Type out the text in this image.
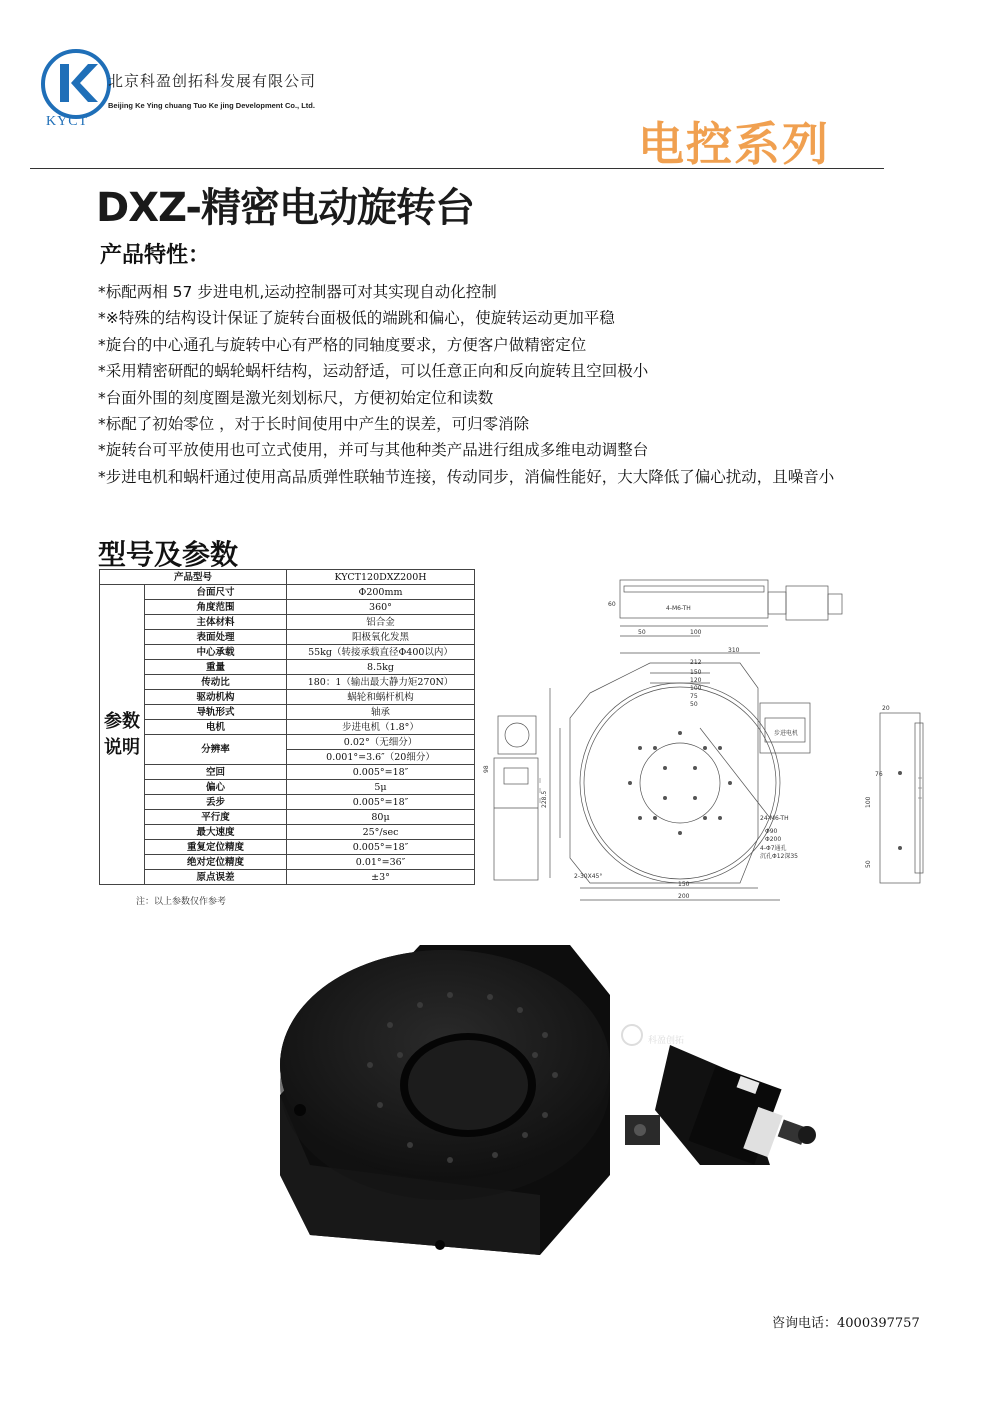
北京科盈创拓科发展有限公司
Beijing Ke Ying chuang Tuo Ke jing Development Co., Ltd.
KYCT	电控系列
DXZ-精密电动旋转台
产品特性：
*标配两相 57 步进电机,运动控制器可对其实现自动化控制
*※特殊的结构设计保证了旋转台面极低的端跳和偏心，使旋转运动更加平稳
*旋台的中心通孔与旋转中心有严格的同轴度要求，方便客户做精密定位
*采用精密研配的蜗轮蜗杆结构，运动舒适，可以任意正向和反向旋转且空回极小
*台面外围的刻度圈是激光刻划标尺，方便初始定位和读数
*标配了初始零位 ，对于长时间使用中产生的误差，可归零消除
*旋转台可平放使用也可立式使用，并可与其他种类产品进行组成多维电动调整台
*步进电机和蜗杆通过使用高品质弹性联轴节连接，传动同步，消偏性能好，大大降低了偏心扰动，且噪音小
型号及参数
产品型号		KYCT120DXZ200H
参数说明	台面尺寸	Φ200mm
	角度范围	360°
	主体材料	铝合金
	表面处理	阳极氧化发黑
	中心承载	55kg（转接承载直径Φ400以内）
	重量	8.5kg
	传动比	180：1（输出最大静力矩270N）
	驱动机构	蜗轮和蜗杆机构
	导轨形式	轴承
	电机	步进电机（1.8°）
	分辨率	0.02°（无细分）
		0.001°=3.6″（20细分）
	空回	0.005°=18″
	偏心	5μ
	丢步	0.005°=18″
	平行度	80μ
	最大速度	25°/sec
	重复定位精度	0.005°=18″
	绝对定位精度	0.01°=36″
	原点误差	±3°
注：以上参数仅作参考
4-M6-TH
50	100
60
310
212
150
120
100
75
50
76
Φ90
Φ200
24-M6-TH
4-Φ7通孔
沉孔Φ12深35
228.5
2-30X45°
150
200
20
100
50
98
步进电机
科盈创拓
咨询电话：4000397757
